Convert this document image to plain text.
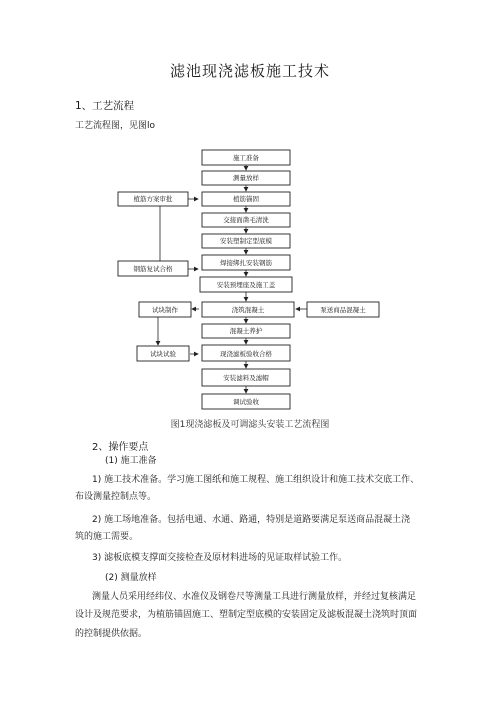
滤池现浇滤板施工技术
1、工艺流程
工艺流程图，见图lo
施工准备
测量放样
植筋锚固
交接面凿毛清洗
安装塑制定型底模
焊接绑扎安装钢筋
安装预埋座及施工盖
浇筑混凝土
混凝土养护
现浇滤板验收合格
安装滤料及滤帽
调试验收
植筋方案审批
钢筋复试合格
试块制作
试块试验
泵送商品混凝土
图1现浇滤板及可调滤头安装工艺流程图
2、操作要点
(1) 施工准备
1) 施工技术准备。学习施工图纸和施工规程、施工组织设计和施工技术交底工作、
布设测量控制点等。
2) 施工场地准备。包括电通、水通、路通，特别是道路要满足泵送商品混凝土浇
筑的施工需要。
3) 滤板底模支撑面交接检查及原材料进场的见证取样试验工作。
(2) 测量放样
测量人员采用经纬仪、水准仪及钢卷尺等测量工具进行测量放样，并经过复核满足
设计及规范要求，为植筋锚固施工、塑制定型底模的安装固定及滤板混凝土浇筑时顶面
的控制提供依据。
